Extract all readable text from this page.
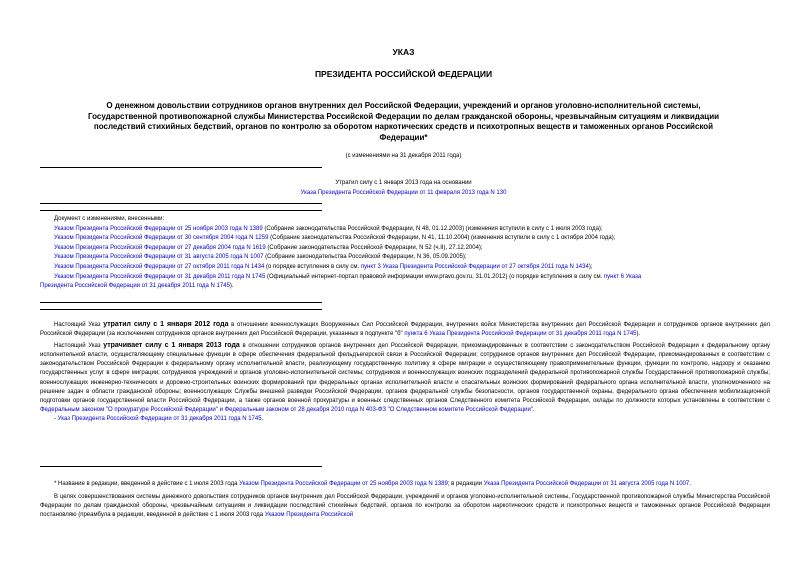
УКАЗ
ПРЕЗИДЕНТА РОССИЙСКОЙ ФЕДЕРАЦИИ
О денежном довольствии сотрудников органов внутренних дел Российской Федерации, учреждений и органов уголовно-исполнительной системы,
Государственной противопожарной службы Министерства Российской Федерации по делам гражданской обороны, чрезвычайным ситуациям и ликвидации
последствий стихийных бедствий, органов по контролю за оборотом наркотических средств и психотропных веществ и таможенных органов Российской
Федерации*
(с изменениями на 31 декабря 2011 года)
Утратил силу с 1 января 2013 года на основании
Указа Президента Российской Федерации от 11 февраля 2013 года N 130

Документ с изменениями, внесенными:

Указом Президента Российской Федерации от 25 ноября 2003 года N 1389 (Собрание законодательства Российской Федерации, N 48, 01.12.2003) (изменения вступили в силу с 1 июля 2003 года);

Указом Президента Российской Федерации от 30 сентября 2004 года N 1259 (Собрание законодательства Российской Федерации, N 41, 11.10.2004) (изменения вступили в силу с 1 октября 2004 года);

Указом Президента Российской Федерации от 27 декабря 2004 года N 1619 (Собрание законодательства Российской Федерации, N 52 (ч.II), 27.12.2004);

Указом Президента Российской Федерации от 31 августа 2005 года N 1007 (Собрание законодательства Российской Федерации, N 36, 05.09.2005);

Указом Президента Российской Федерации от 27 октября 2011 года N 1434 (о порядке вступления в силу см. пункт 3 Указа Президента Российской Федерации от 27 октября 2011 года N 1434);

Указом Президента Российской Федерации от 31 декабря 2011 года N 1745 (Официальный интернет-портал правовой информации www.pravo.gov.ru, 31.01.2012) (о порядке вступления в силу см. пункт 6 Указа

Президента Российской Федерации от 31 декабря 2011 года N 1745).

Настоящий Указ утратил силу с 1 января 2012 года в отношении военнослужащих Вооруженных Сил Российской Федерации, внутренних войск Министерства внутренних дел Российской Федерации и сотрудников органов внутренних дел Российской Федерации (за исключением сотрудников органов внутренних дел Российской Федерации, указанных в подпункте "б" пункта 6 Указа Президента Российской Федерации от 31 декабря 2011 года N 1745).

Настоящий Указ утрачивает силу с 1 января 2013 года в отношении сотрудников органов внутренних дел Российской Федерации, прикомандированных в соответствии с законодательством Российской Федерации к федеральному органу исполнительной власти, осуществляющему специальные функции в сфере обеспечения федеральной фельдъегерской связи в Российской Федерации; сотрудников органов внутренних дел Российской Федерации, прикомандированных в соответствии с законодательством Российской Федерации к федеральному органу исполнительной власти, реализующему государственную политику в сфере миграции и осуществляющему правоприменительные функции, функции по контролю, надзору и оказанию государственных услуг в сфере миграции; сотрудников учреждений и органов уголовно-исполнительной системы; сотрудников и военнослужащих воинских подразделений федеральной противопожарной службы Государственной противопожарной службы; военнослужащих инженерно-технических и дорожно-строительных воинских формирований при федеральных органах исполнительной власти и спасательных воинских формирований федерального органа исполнительной власти, уполномоченного на решение задач в области гражданской обороны; военнослужащих Службы внешней разведки Российской Федерации, органов федеральной службы безопасности, органов государственной охраны, федерального органа обеспечения мобилизационной подготовки органов государственной власти Российской Федерации, а также органов военной прокуратуры и военных следственных органов Следственного комитета Российской Федерации, оклады по должности которых установлены в соответствии с Федеральным законом "О прокуратуре Российской Федерации" и Федеральным законом от 28 декабря 2010 года N 403-ФЗ "О Следственном комитете Российской Федерации".

- Указ Президента Российской Федерации от 31 декабря 2011 года N 1745.

* Название в редакции, введенной в действие с 1 июля 2003 года Указом Президента Российской Федерации от 25 ноября 2003 года N 1389; в редакции Указа Президента Российской Федерации от 31 августа 2005 года N 1007.

В целях совершенствования системы денежного довольствия сотрудников органов внутренних дел Российской Федерации, учреждений и органов уголовно-исполнительной системы, Государственной противопожарной службы Министерства Российской Федерации по делам гражданской обороны, чрезвычайным ситуациям и ликвидации последствий стихийных бедствий, органов по контролю за оборотом наркотических средств и психотропных веществ и таможенных органов Российской Федерации постановляю (преамбула в редакции, введенной в действие с 1 июля 2003 года Указом Президента Российской
